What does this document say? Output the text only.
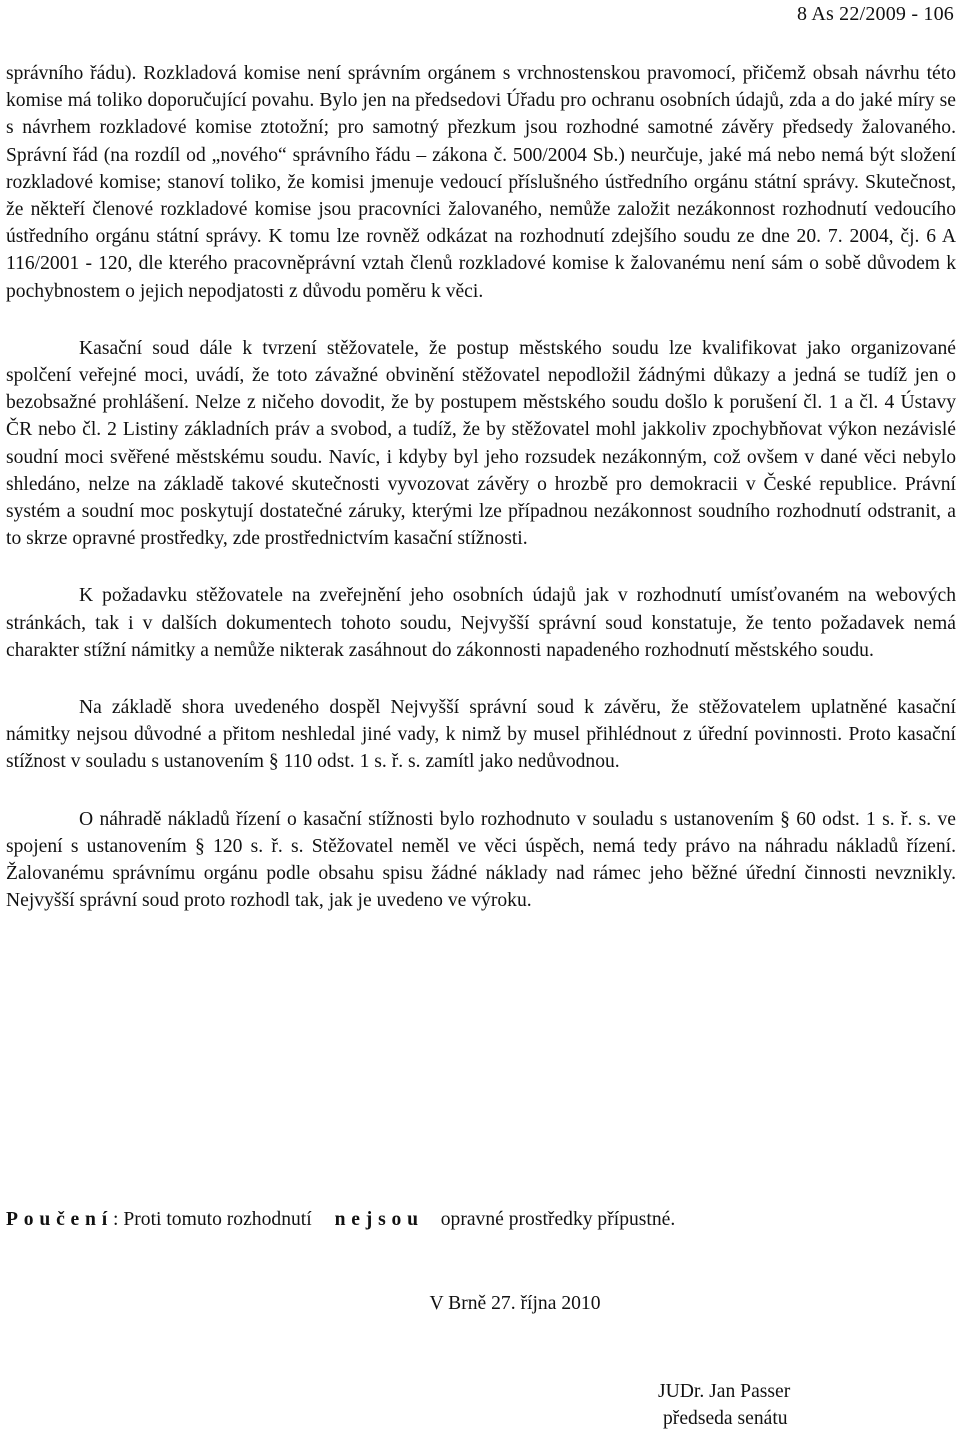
8 As 22/2009 - 106

správního řádu). Rozkladová komise není správním orgánem s vrchnostenskou pravomocí, přičemž obsah návrhu této komise má toliko doporučující povahu. Bylo jen na předsedovi Úřadu pro ochranu osobních údajů, zda a do jaké míry se s návrhem rozkladové komise ztotožní; pro samotný přezkum jsou rozhodné samotné závěry předsedy žalovaného. Správní řád (na rozdíl od „nového“ správního řádu – zákona č. 500/2004 Sb.) neurčuje, jaké má nebo nemá být složení rozkladové komise; stanoví toliko, že komisi jmenuje vedoucí příslušného ústředního orgánu státní správy. Skutečnost, že někteří členové rozkladové komise jsou pracovníci žalovaného, nemůže založit nezákonnost rozhodnutí vedoucího ústředního orgánu státní správy. K tomu lze rovněž odkázat na rozhodnutí zdejšího soudu ze dne 20. 7. 2004, čj. 6 A 116/2001 - 120, dle kterého pracovněprávní vztah členů rozkladové komise k žalovanému není sám o sobě důvodem k pochybnostem o jejich nepodjatosti z důvodu poměru k věci.

Kasační soud dále k tvrzení stěžovatele, že postup městského soudu lze kvalifikovat jako organizované spolčení veřejné moci, uvádí, že toto závažné obvinění stěžovatel nepodložil žádnými důkazy a jedná se tudíž jen o bezobsažné prohlášení. Nelze z ničeho dovodit, že by postupem městského soudu došlo k porušení čl. 1 a čl. 4 Ústavy ČR nebo čl. 2 Listiny základních práv a svobod, a tudíž, že by stěžovatel mohl jakkoliv zpochybňovat výkon nezávislé soudní moci svěřené městskému soudu. Navíc, i kdyby byl jeho rozsudek nezákonným, což ovšem v dané věci nebylo shledáno, nelze na základě takové skutečnosti vyvozovat závěry o hrozbě pro demokracii v České republice. Právní systém a soudní moc poskytují dostatečné záruky, kterými lze případnou nezákonnost soudního rozhodnutí odstranit, a to skrze opravné prostředky, zde prostřednictvím kasační stížnosti.

K požadavku stěžovatele na zveřejnění jeho osobních údajů jak v rozhodnutí umísťovaném na webových stránkách, tak i v dalších dokumentech tohoto soudu, Nejvyšší správní soud konstatuje, že tento požadavek nemá charakter stížní námitky a nemůže nikterak zasáhnout do zákonnosti napadeného rozhodnutí městského soudu.

Na základě shora uvedeného dospěl Nejvyšší správní soud k závěru, že stěžovatelem uplatněné kasační námitky nejsou důvodné a přitom neshledal jiné vady, k nimž by musel přihlédnout z úřední povinnosti. Proto kasační stížnost v souladu s ustanovením § 110 odst. 1 s. ř. s. zamítl jako nedůvodnou.

O náhradě nákladů řízení o kasační stížnosti bylo rozhodnuto v souladu s ustanovením § 60 odst. 1 s. ř. s. ve spojení s ustanovením § 120 s. ř. s. Stěžovatel neměl ve věci úspěch, nemá tedy právo na náhradu nákladů řízení. Žalovanému správnímu orgánu podle obsahu spisu žádné náklady nad rámec jeho běžné úřední činnosti nevznikly. Nejvyšší správní soud proto rozhodl tak, jak je uvedeno ve výroku.

Poučení: Proti tomuto rozhodnutí nejsou opravné prostředky přípustné.
V Brně 27. října 2010
JUDr. Jan Passer
předseda senátu
